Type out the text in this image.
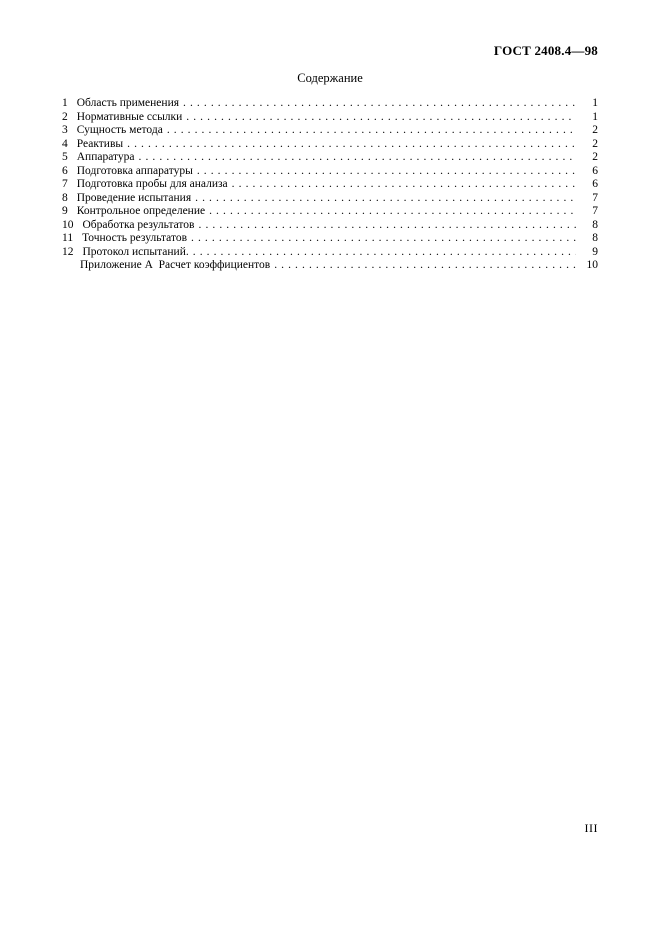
ГОСТ 2408.4—98
Содержание
1 Область применения . . .	1
2 Нормативные ссылки . . .	1
3 Сущность метода . . .	2
4 Реактивы . . .	2
5 Аппаратура . . .	2
6 Подготовка аппаратуры . . .	6
7 Подготовка пробы для анализа . . .	6
8 Проведение испытания . . .	7
9 Контрольное определение . . .	7
10 Обработка результатов . . .	8
11 Точность результатов . . .	8
12 Протокол испытаний. . . .	9
Приложение А  Расчет коэффициентов . . .	10
III
